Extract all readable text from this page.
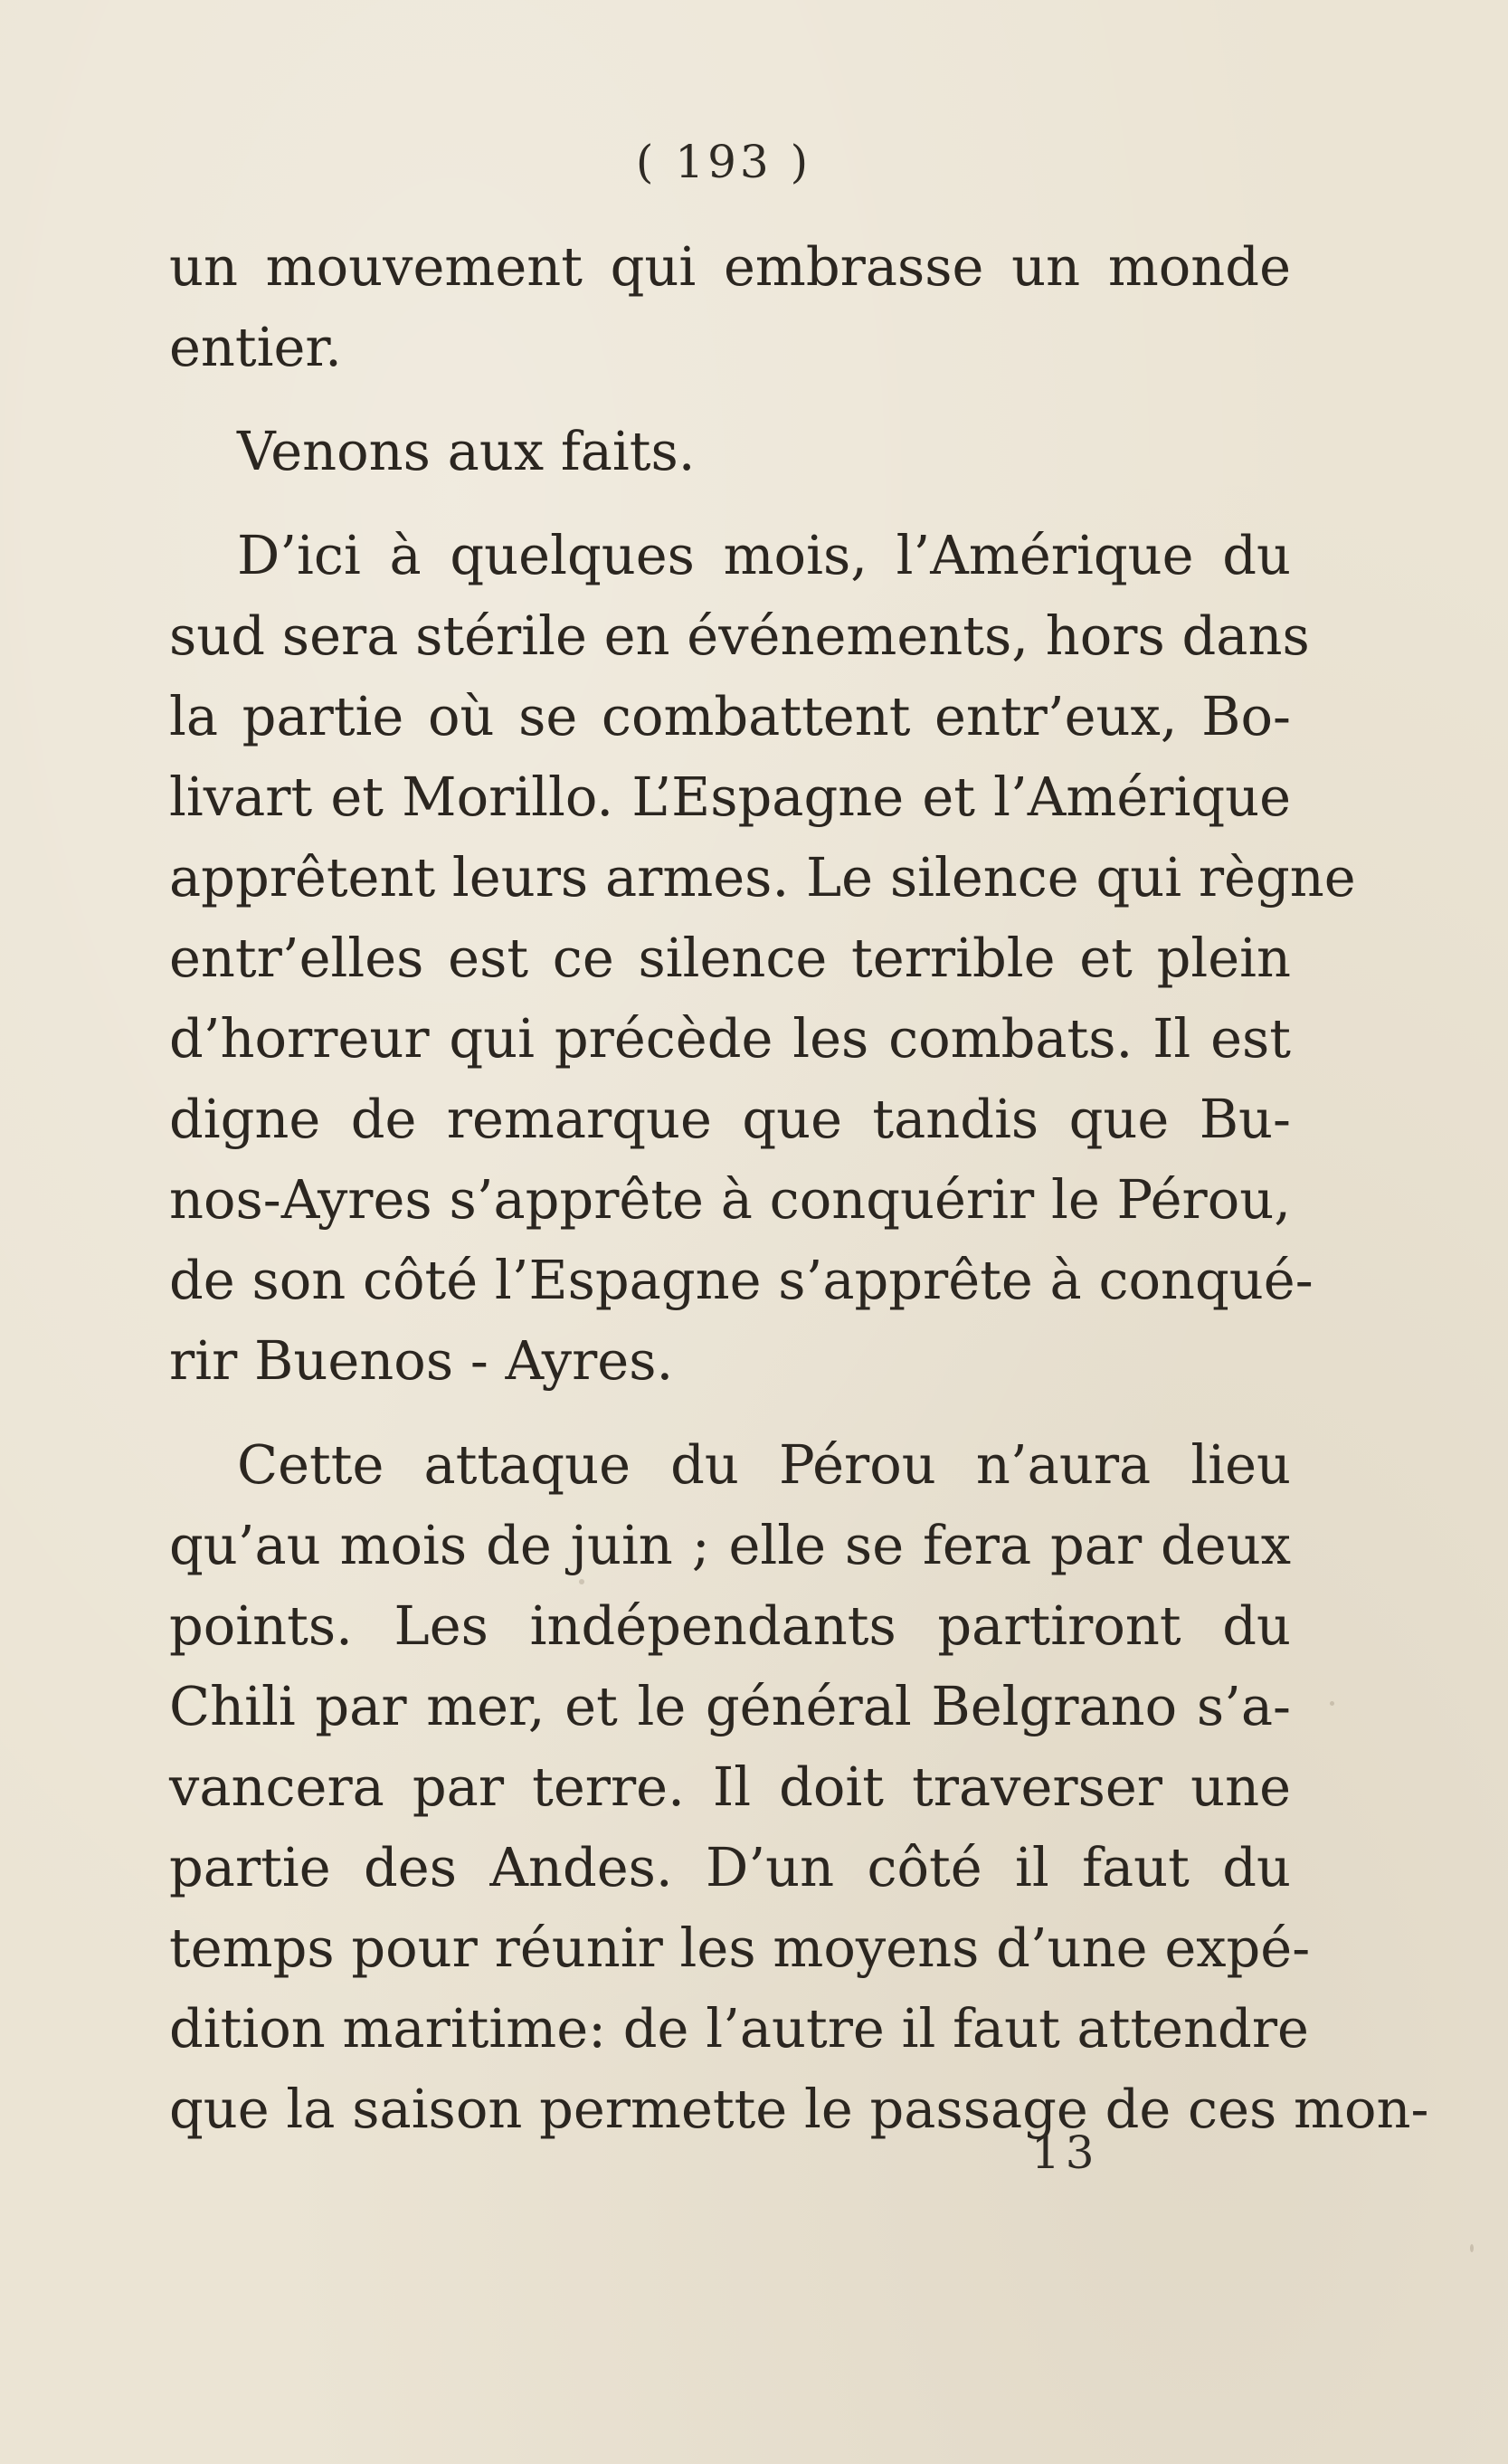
( 193 )
un mouvement qui embrasse un monde
entier.
Venons aux faits.
D’ici à quelques mois, l’Amérique du
sud sera stérile en événements, hors dans
la partie où se combattent entr’eux, Bo-
livart et Morillo. L’Espagne et l’Amérique
apprêtent leurs armes. Le silence qui règne
entr’elles est ce silence terrible et plein
d’horreur qui précède les combats. Il est
digne de remarque que tandis que Bu-
nos-Ayres s’apprête à conquérir le Pérou,
de son côté l’Espagne s’apprête à conqué-
rir Buenos - Ayres.
Cette attaque du Pérou n’aura lieu
qu’au mois de juin ; elle se fera par deux
points. Les indépendants partiront du
Chili par mer, et le général Belgrano s’a-
vancera par terre. Il doit traverser une
partie des Andes. D’un côté il faut du
temps pour réunir les moyens d’une expé-
dition maritime: de l’autre il faut attendre
que la saison permette le passage de ces mon-
13
